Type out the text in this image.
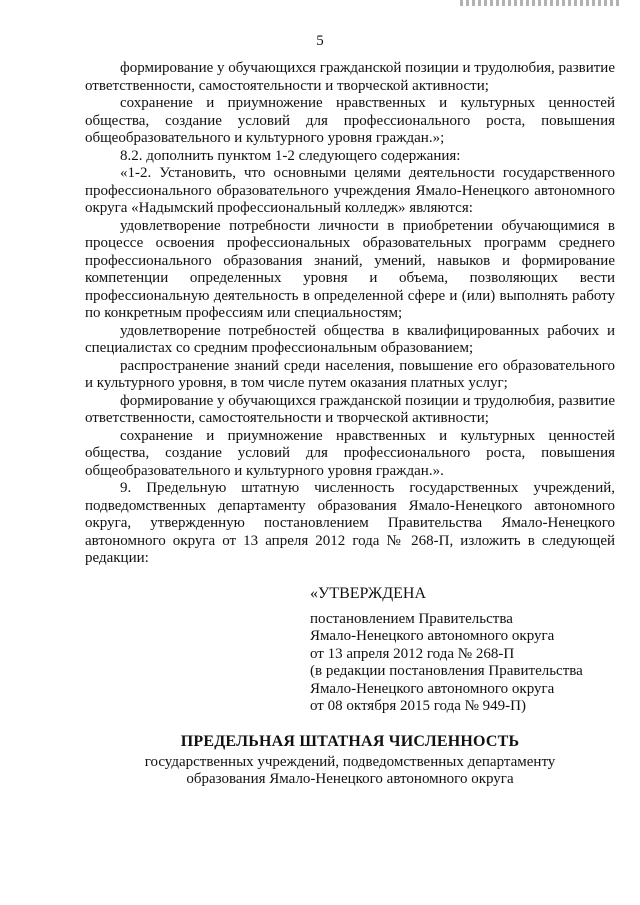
5

формирование у обучающихся гражданской позиции и трудолюбия, развитие ответственности, самостоятельности и творческой активности;

сохранение и приумножение нравственных и культурных ценностей общества, создание условий для профессионального роста, повышения общеобразовательного и культурного уровня граждан.»;

8.2. дополнить пунктом 1-2 следующего содержания:

«1-2. Установить, что основными целями деятельности государственного профессионального образовательного учреждения Ямало-Ненецкого автономного округа «Надымский профессиональный колледж» являются:

удовлетворение потребности личности в приобретении обучающимися в процессе освоения профессиональных образовательных программ среднего профессионального образования знаний, умений, навыков и формирование компетенции определенных уровня и объема, позволяющих вести профессиональную деятельность в определенной сфере и (или) выполнять работу по конкретным профессиям или специальностям;

удовлетворение потребностей общества в квалифицированных рабочих и специалистах со средним профессиональным образованием;

распространение знаний среди населения, повышение его образовательного и культурного уровня, в том числе путем оказания платных услуг;

формирование у обучающихся гражданской позиции и трудолюбия, развитие ответственности, самостоятельности и творческой активности;

сохранение и приумножение нравственных и культурных ценностей общества, создание условий для профессионального роста, повышения общеобразовательного и культурного уровня граждан.».

9. Предельную штатную численность государственных учреждений, подведомственных департаменту образования Ямало-Ненецкого автономного округа, утвержденную постановлением Правительства Ямало-Ненецкого автономного округа от 13 апреля 2012 года № 268-П, изложить в следующей редакции:

«УТВЕРЖДЕНА

постановлением Правительства
Ямало-Ненецкого автономного округа
от 13 апреля 2012 года № 268-П
(в редакции постановления Правительства
Ямало-Ненецкого автономного округа
от 08 октября 2015 года № 949-П)
ПРЕДЕЛЬНАЯ ШТАТНАЯ ЧИСЛЕННОСТЬ
государственных учреждений, подведомственных департаменту
образования Ямало-Ненецкого автономного округа
